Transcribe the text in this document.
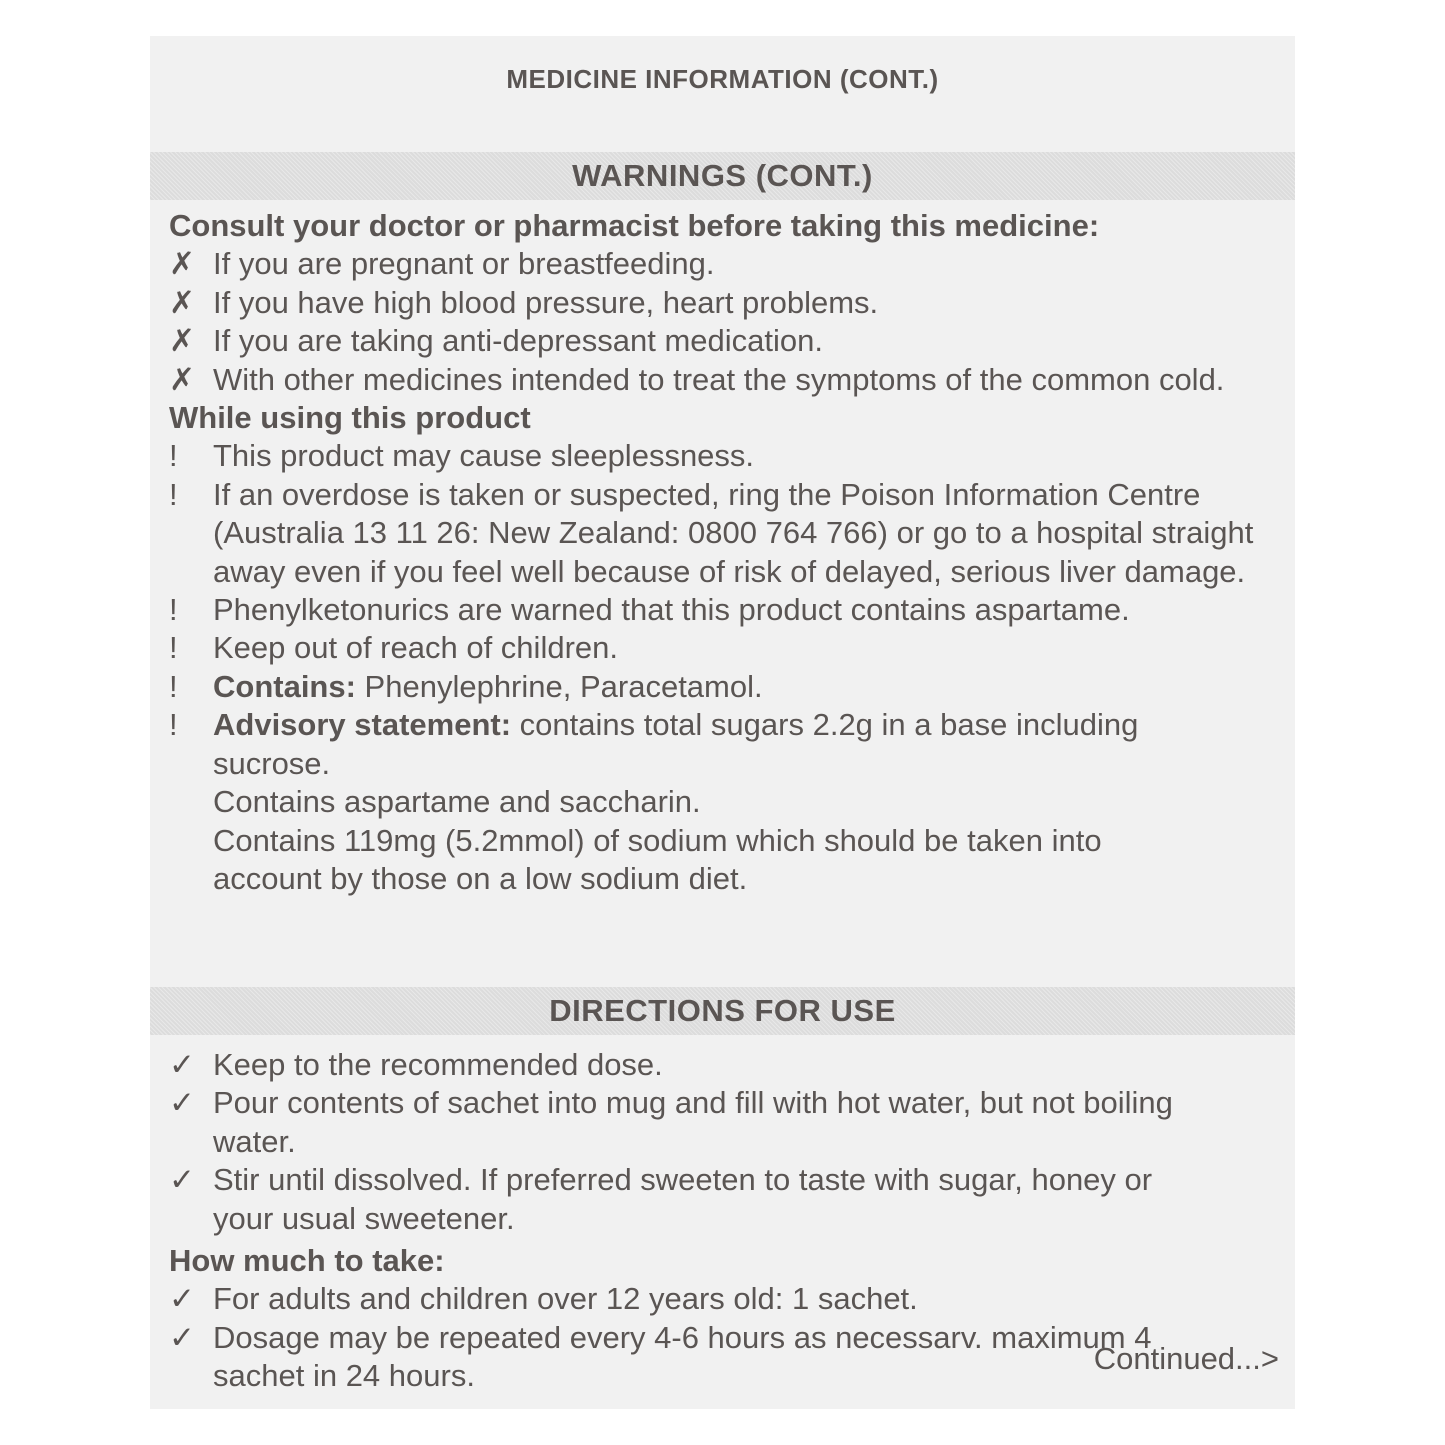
MEDICINE INFORMATION (CONT.)
WARNINGS (CONT.)
Consult your doctor or pharmacist before taking this medicine:
✗ If you are pregnant or breastfeeding.
✗ If you have high blood pressure, heart problems.
✗ If you are taking anti-depressant medication.
✗ With other medicines intended to treat the symptoms of the common cold.
While using this product
!	This product may cause sleeplessness.
!	If an overdose is taken or suspected, ring the Poison Information Centre (Australia 13 11 26: New Zealand: 0800 764 766) or go to a hospital straight away even if you feel well because of risk of delayed, serious liver damage.
!	Phenylketonurics are warned that this product contains aspartame.
!	Keep out of reach of children.
!	Contains: Phenylephrine, Paracetamol.
!	Advisory statement: contains total sugars 2.2g in a base including sucrose.
Contains aspartame and saccharin.
Contains 119mg (5.2mmol) of sodium which should be taken into account by those on a low sodium diet.
DIRECTIONS FOR USE
✓ Keep to the recommended dose.
✓ Pour contents of sachet into mug and fill with hot water, but not boiling water.
✓ Stir until dissolved. If preferred sweeten to taste with sugar, honey or your usual sweetener.
How much to take:
✓ For adults and children over 12 years old: 1 sachet.
✓ Dosage may be repeated every 4-6 hours as necessarv. maximum 4 sachet in 24 hours.	Continued...>
